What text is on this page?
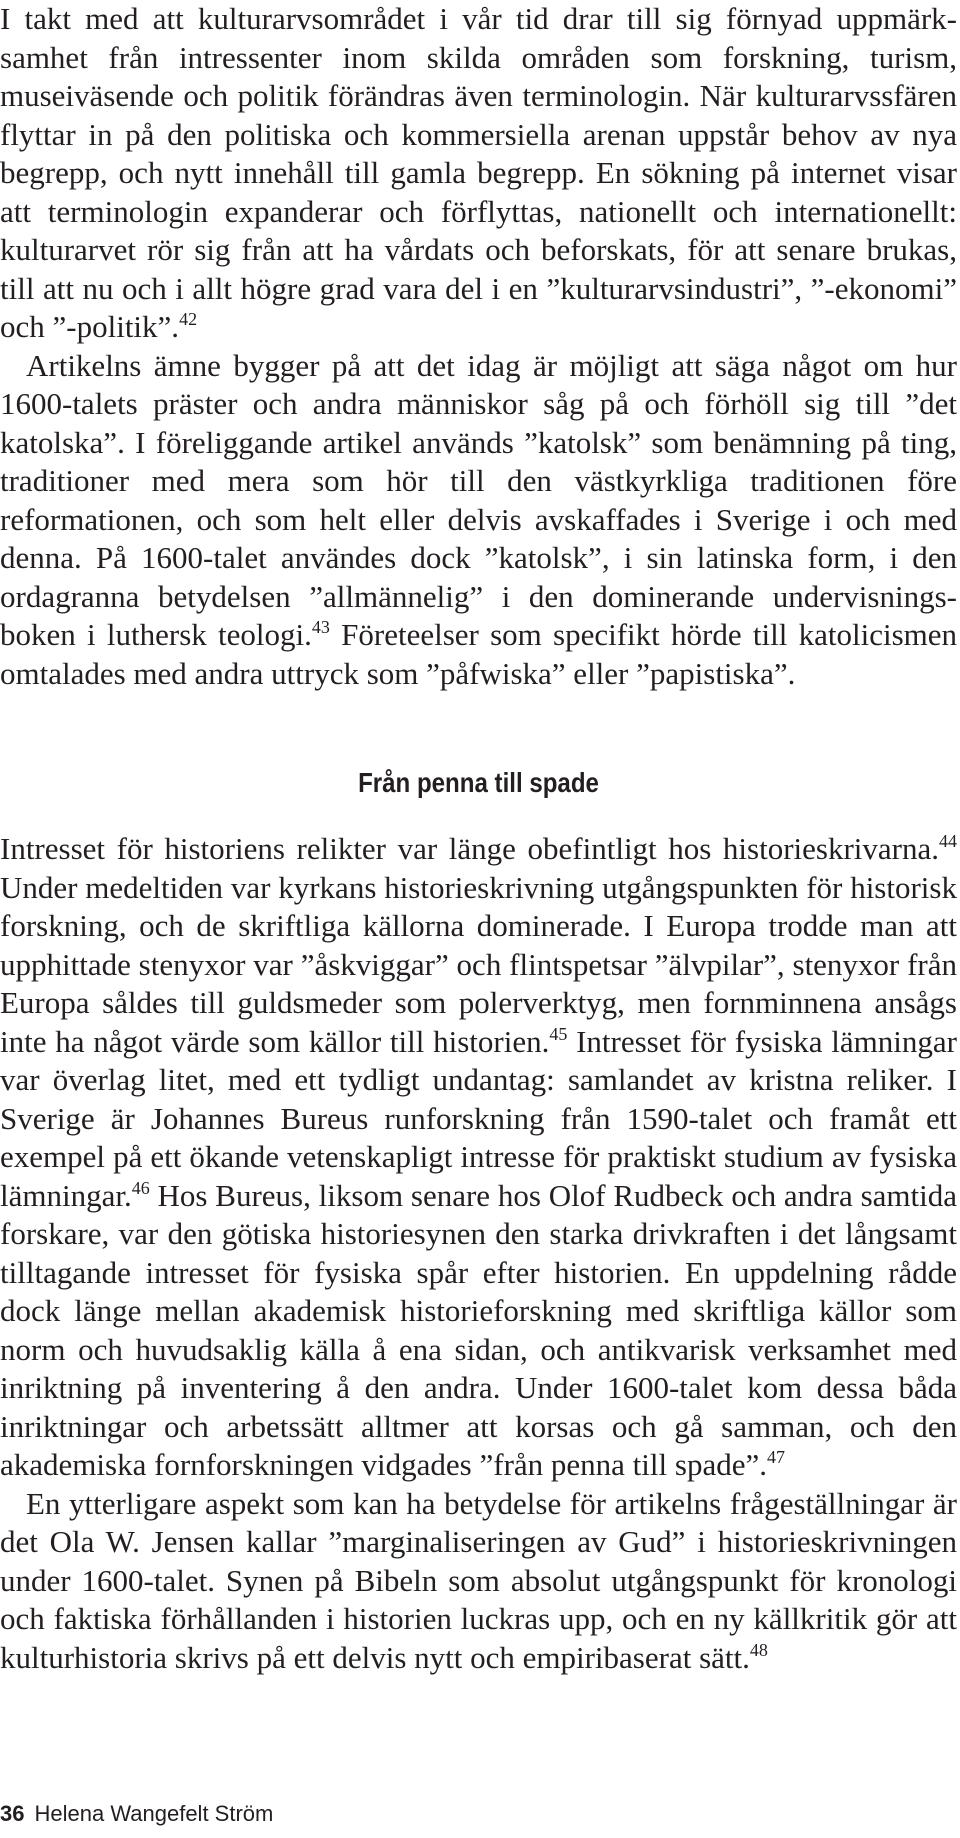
I takt med att kulturarvsområdet i vår tid drar till sig förnyad uppmärksamhet från intressenter inom skilda områden som forskning, turism, museiväsende och politik förändras även terminologin. När kulturarvssfären flyttar in på den politiska och kommersiella arenan uppstår behov av nya begrepp, och nytt innehåll till gamla begrepp. En sökning på internet visar att terminologin expanderar och förflyttas, nationellt och internationellt: kulturarvet rör sig från att ha vårdats och beforskats, för att senare brukas, till att nu och i allt högre grad vara del i en ”kulturarvsindustri”, ”-ekonomi” och ”-politik”.$^{42}$

Artikelns ämne bygger på att det idag är möjligt att säga något om hur 1600-talets präster och andra människor såg på och förhöll sig till ”det katolska”. I föreliggande artikel används ”katolsk” som benämning på ting, traditioner med mera som hör till den västkyrkliga traditionen före reformationen, och som helt eller delvis avskaffades i Sverige i och med denna. På 1600-talet användes dock ”katolsk”, i sin latinska form, i den ordagranna betydelsen ”allmännelig” i den dominerande undervisningsboken i luthersk teologi.$^{43}$ Företeelser som specifikt hörde till katolicismen omtalades med andra uttryck som ”påfwiska” eller ”papistiska”.

Från penna till spade

Intresset för historiens relikter var länge obefintligt hos historieskrivarna.$^{44}$ Under medeltiden var kyrkans historieskrivning utgångspunkten för historisk forskning, och de skriftliga källorna dominerade. I Europa trodde man att upphittade stenyxor var ”åskviggar” och flintspetsar ”älvpilar”, stenyxor från Europa såldes till guldsmeder som polerverktyg, men fornminnena ansågs inte ha något värde som källor till historien.$^{45}$ Intresset för fysiska lämningar var överlag litet, med ett tydligt undantag: samlandet av kristna reliker. I Sverige är Johannes Bureus runforskning från 1590-talet och framåt ett exempel på ett ökande vetenskapligt intresse för praktiskt studium av fysiska lämningar.$^{46}$ Hos Bureus, liksom senare hos Olof Rudbeck och andra samtida forskare, var den götiska historiesynen den starka drivkraften i det långsamt tilltagande intresset för fysiska spår efter historien. En uppdelning rådde dock länge mellan akademisk historieforskning med skriftliga källor som norm och huvudsaklig källa å ena sidan, och antikvarisk verksamhet med inriktning på inventering å den andra. Under 1600-talet kom dessa båda inriktningar och arbetssätt alltmer att korsas och gå samman, och den akademiska fornforskningen vidgades ”från penna till spade”.$^{47}$

En ytterligare aspekt som kan ha betydelse för artikelns frågeställningar är det Ola W. Jensen kallar ”marginaliseringen av Gud” i historieskrivningen under 1600-talet. Synen på Bibeln som absolut utgångspunkt för kronologi och faktiska förhållanden i historien luckras upp, och en ny källkritik gör att kulturhistoria skrivs på ett delvis nytt och empiribaserat sätt.$^{48}$

36 Helena Wangefelt Ström
